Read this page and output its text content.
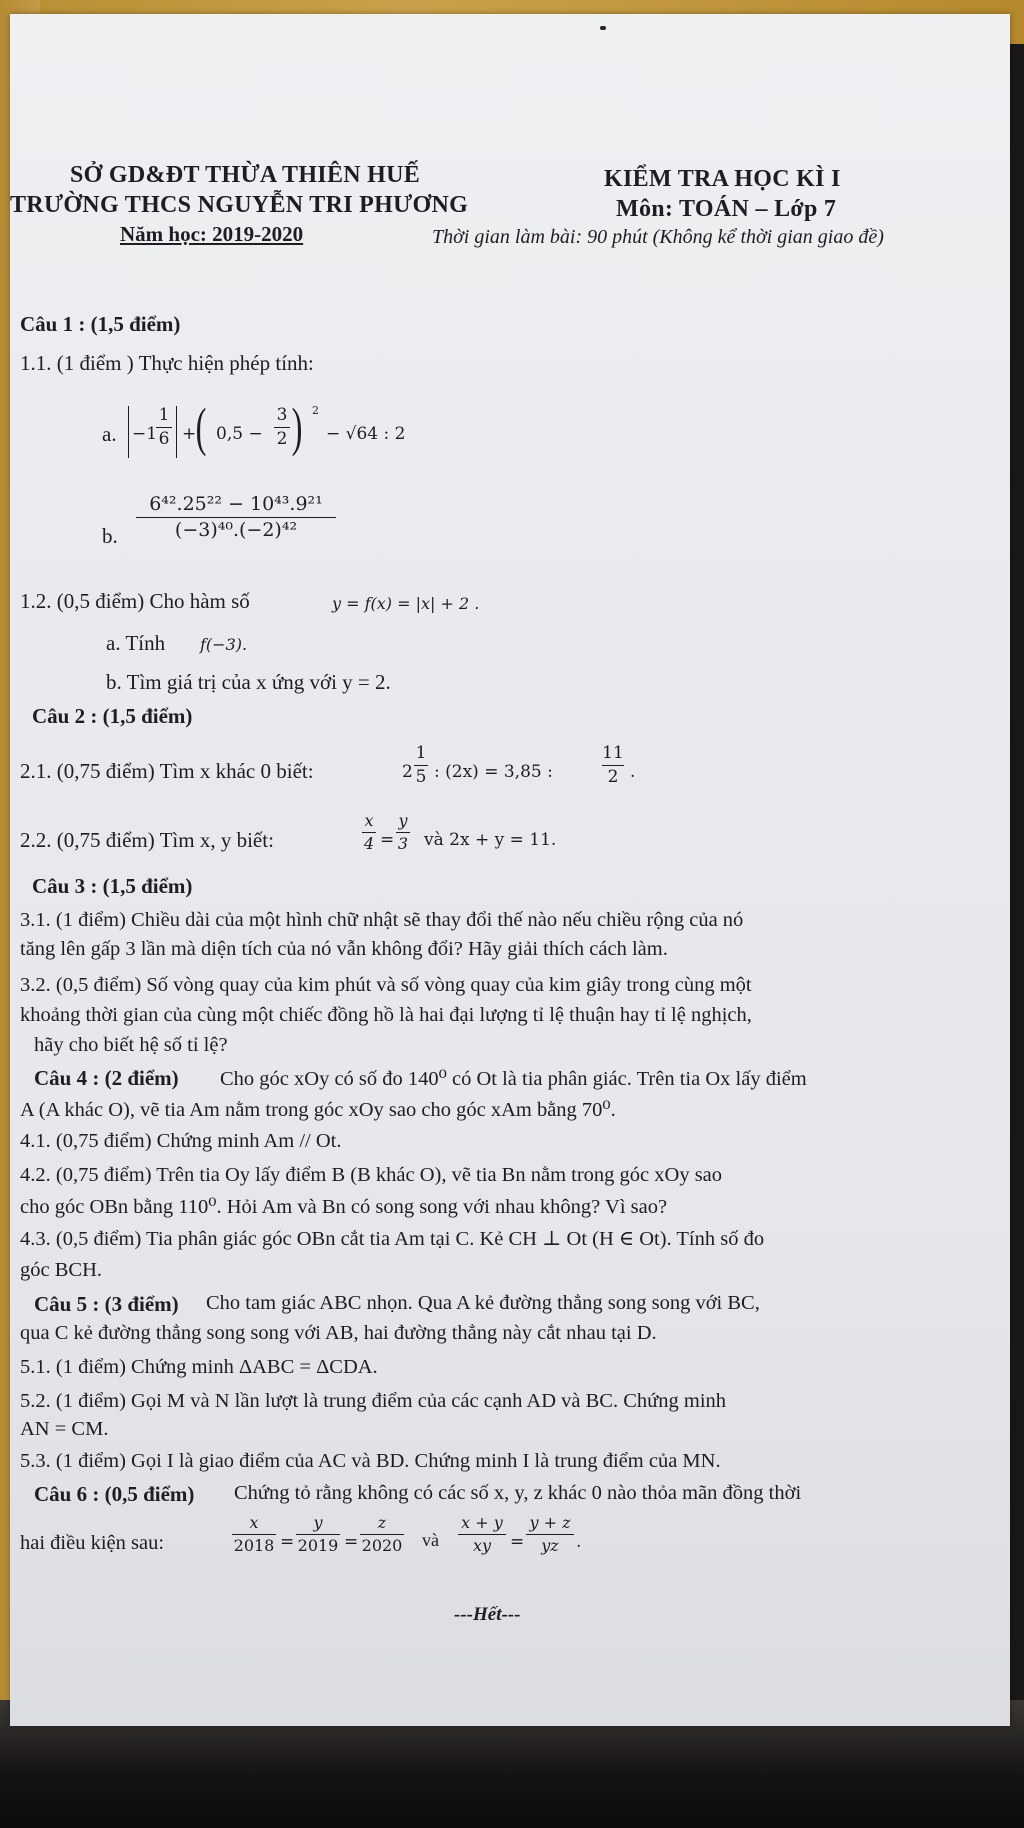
SỞ GD&ĐT THỪA THIÊN HUẾ
TRƯỜNG THCS NGUYỄN TRI PHƯƠNG
Năm học: 2019-2020
KIỂM TRA HỌC KÌ I
Môn: TOÁN – Lớp 7
Thời gian làm bài: 90 phút (Không kể thời gian giao đề)
Câu 1 : (1,5 điểm)
1.1. (1 điểm ) Thực hiện phép tính:
a. −1
1
6 + ( 0,5 −
3
2 ) 2
− √64 : 2
b.
6⁴².25²² − 10⁴³.9²¹
(−3)⁴⁰.(−2)⁴²
1.2. (0,5 điểm) Cho hàm số	y = f(x) = |x| + 2 .
a. Tính f(−3).
b. Tìm giá trị của x ứng với y = 2.
Câu 2 : (1,5 điểm)
2.1. (0,75 điểm) Tìm x khác 0 biết:	2
1
5 : (2x) = 3,85 :
11
2 .
2.2. (0,75 điểm) Tìm x, y biết:
x
4 =
y
3 và 2x + y = 11.
Câu 3 : (1,5 điểm)
3.1. (1 điểm) Chiều dài của một hình chữ nhật sẽ thay đổi thế nào nếu chiều rộng của nó
tăng lên gấp 3 lần mà diện tích của nó vẫn không đổi? Hãy giải thích cách làm.
3.2. (0,5 điểm) Số vòng quay của kim phút và số vòng quay của kim giây trong cùng một
khoảng thời gian của cùng một chiếc đồng hồ là hai đại lượng tỉ lệ thuận hay tỉ lệ nghịch,
hãy cho biết hệ số tỉ lệ?
Câu 4 : (2 điểm) Cho góc xOy có số đo 140⁰ có Ot là tia phân giác. Trên tia Ox lấy điểm
A (A khác O), vẽ tia Am nằm trong góc xOy sao cho góc xAm bằng 70⁰.
4.1. (0,75 điểm) Chứng minh Am // Ot.
4.2. (0,75 điểm) Trên tia Oy lấy điểm B (B khác O), vẽ tia Bn nằm trong góc xOy sao
cho góc OBn bằng 110⁰. Hỏi Am và Bn có song song với nhau không? Vì sao?
4.3. (0,5 điểm) Tia phân giác góc OBn cắt tia Am tại C. Kẻ CH ⊥ Ot (H ∈ Ot). Tính số đo
góc BCH.
Câu 5 : (3 điểm) Cho tam giác ABC nhọn. Qua A kẻ đường thẳng song song với BC,
qua C kẻ đường thẳng song song với AB, hai đường thẳng này cắt nhau tại D.
5.1. (1 điểm) Chứng minh ΔABC = ΔCDA.
5.2. (1 điểm) Gọi M và N lần lượt là trung điểm của các cạnh AD và BC. Chứng minh
AN = CM.
5.3. (1 điểm) Gọi I là giao điểm của AC và BD. Chứng minh I là trung điểm của MN.
Câu 6 : (0,5 điểm) Chứng tỏ rằng không có các số x, y, z khác 0 nào thỏa mãn đồng thời
hai điều kiện sau:
x
2018 =
y
2019 =
z
2020 và
x + y
xy	=
y + z
yz	.
---Hết---
